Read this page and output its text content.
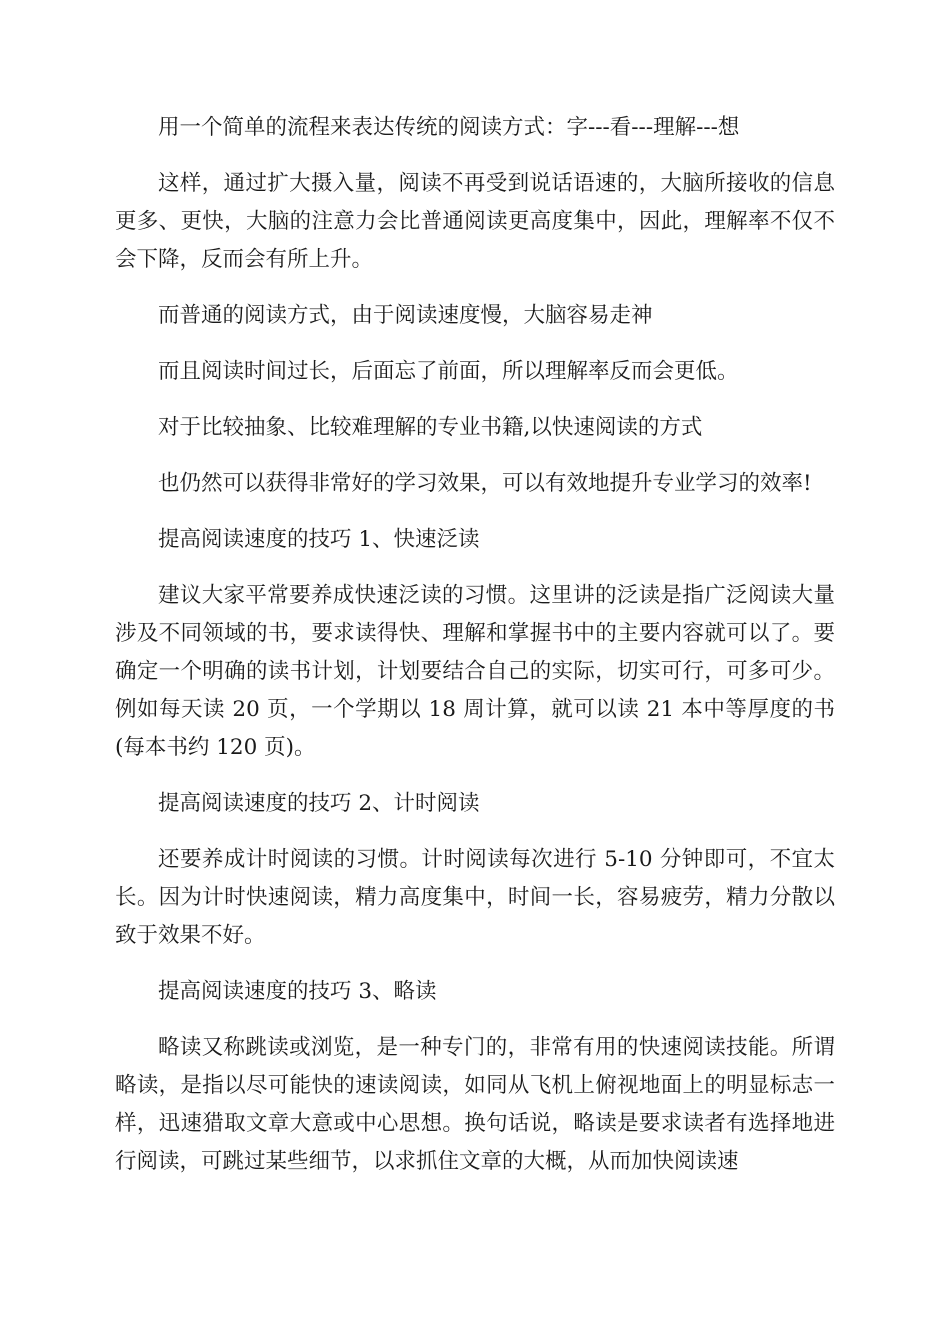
用一个简单的流程来表达传统的阅读方式：字---看---理解---想

这样，通过扩大摄入量，阅读不再受到说话语速的，大脑所接收的信息更多、更快，大脑的注意力会比普通阅读更高度集中，因此，理解率不仅不会下降，反而会有所上升。

而普通的阅读方式，由于阅读速度慢，大脑容易走神

而且阅读时间过长，后面忘了前面，所以理解率反而会更低。

对于比较抽象、比较难理解的专业书籍,以快速阅读的方式

也仍然可以获得非常好的学习效果，可以有效地提升专业学习的效率!

提高阅读速度的技巧 1、快速泛读

建议大家平常要养成快速泛读的习惯。这里讲的泛读是指广泛阅读大量涉及不同领域的书，要求读得快、理解和掌握书中的主要内容就可以了。要确定一个明确的读书计划，计划要结合自己的实际，切实可行，可多可少。例如每天读 20 页，一个学期以 18 周计算，就可以读 21 本中等厚度的书(每本书约 120 页)。

提高阅读速度的技巧 2、计时阅读

还要养成计时阅读的习惯。计时阅读每次进行 5-10 分钟即可，不宜太长。因为计时快速阅读，精力高度集中，时间一长，容易疲劳，精力分散以致于效果不好。

提高阅读速度的技巧 3、略读

略读又称跳读或浏览，是一种专门的，非常有用的快速阅读技能。所谓略读，是指以尽可能快的速读阅读，如同从飞机上俯视地面上的明显标志一样，迅速猎取文章大意或中心思想。换句话说，略读是要求读者有选择地进行阅读，可跳过某些细节，以求抓住文章的大概，从而加快阅读速
